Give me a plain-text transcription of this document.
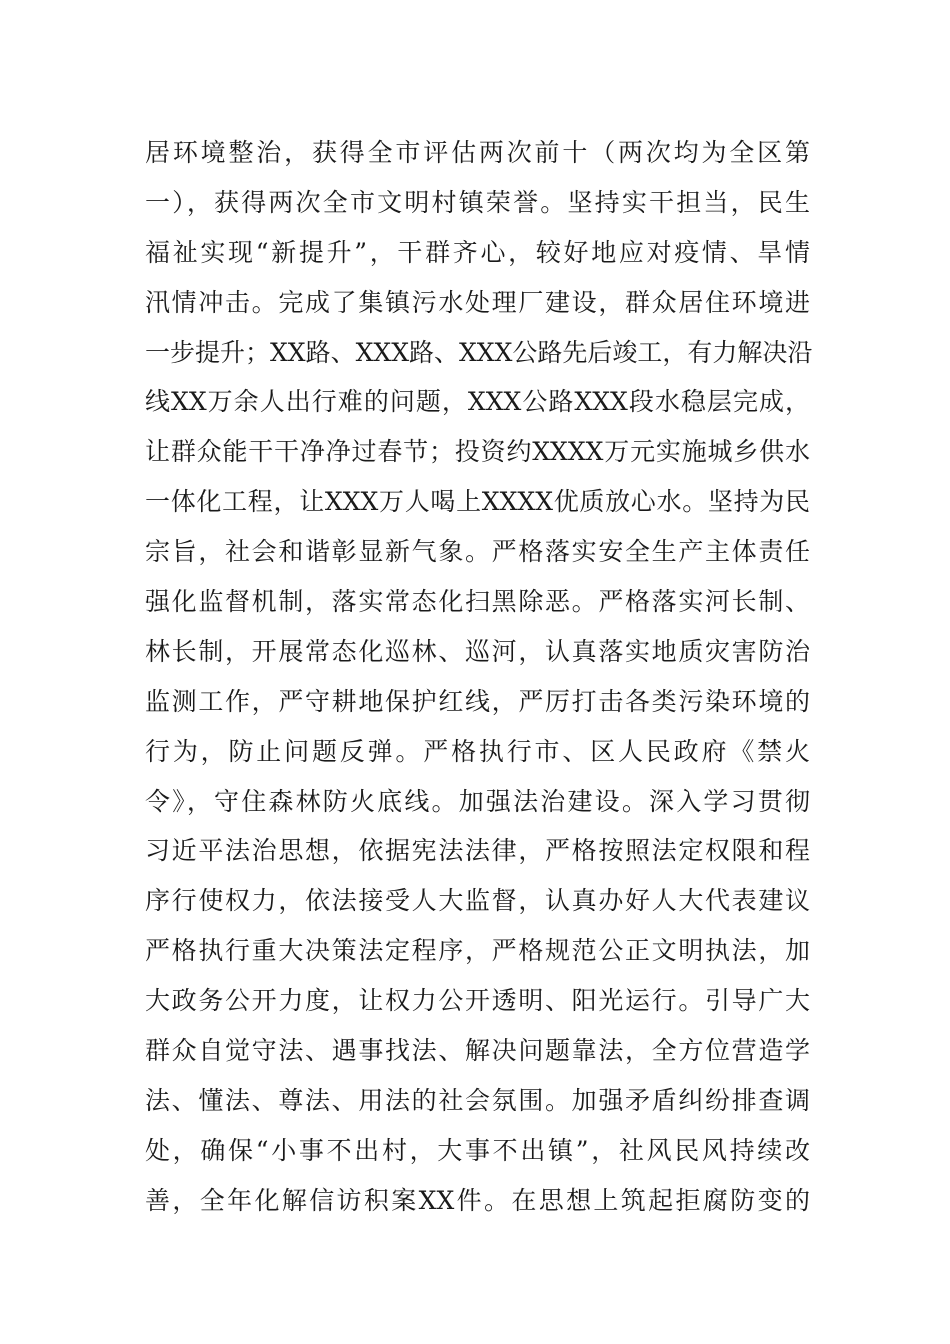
居环境整治，获得全市评估两次前十（两次均为全区第
一），获得两次全市文明村镇荣誉。坚持实干担当，民生
福祉实现“新提升”，干群齐心，较好地应对疫情、旱情
汛情冲击。完成了集镇污水处理厂建设，群众居住环境进
一步提升；XX路、XXX路、XXX公路先后竣工，有力解决沿
线XX万余人出行难的问题，XXX公路XXX段水稳层完成，
让群众能干干净净过春节；投资约XXXX万元实施城乡供水
一体化工程，让XXX万人喝上XXXX优质放心水。坚持为民
宗旨，社会和谐彰显新气象。严格落实安全生产主体责任
强化监督机制，落实常态化扫黑除恶。严格落实河长制、
林长制，开展常态化巡林、巡河，认真落实地质灾害防治
监测工作，严守耕地保护红线，严厉打击各类污染环境的
行为，防止问题反弹。严格执行市、区人民政府《禁火
令》，守住森林防火底线。加强法治建设。深入学习贯彻
习近平法治思想，依据宪法法律，严格按照法定权限和程
序行使权力，依法接受人大监督，认真办好人大代表建议
严格执行重大决策法定程序，严格规范公正文明执法，加
大政务公开力度，让权力公开透明、阳光运行。引导广大
群众自觉守法、遇事找法、解决问题靠法，全方位营造学
法、懂法、尊法、用法的社会氛围。加强矛盾纠纷排查调
处，确保“小事不出村，大事不出镇”，社风民风持续改
善，全年化解信访积案XX件。在思想上筑起拒腐防变的
